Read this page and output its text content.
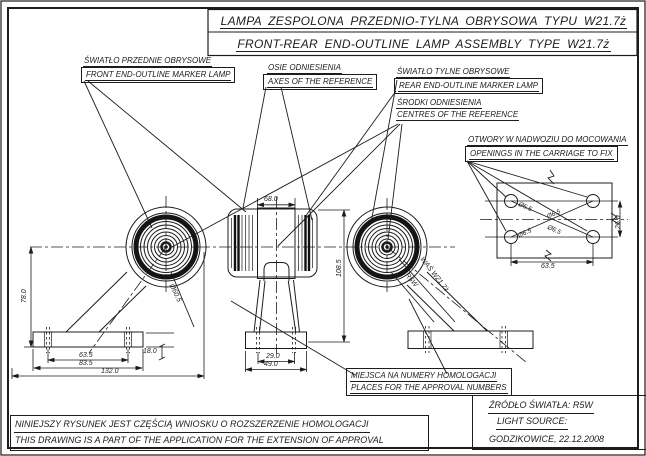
LAMPA ZESPOLONA PRZEDNIO-TYLNA OBRYSOWA TYPU W21.7ż
FRONT-REAR END-OUTLINE LAMP ASSEMBLY TYPE W21.7ż
ŚWIATŁO PRZEDNIE OBRYSOWE
FRONT END-OUTLINE MARKER LAMP
OSIE ODNIESIENIA
AXES OF THE REFERENCE
ŚWIATŁO TYLNE OBRYSOWE
REAR END-OUTLINE MARKER LAMP
ŚRODKI ODNIESIENIA
CENTRES OF THE REFERENCE
OTWORY W NADWOZIU DO MOCOWANIA
OPENINGS IN THE CARRIAGE TO FIX
MIEJSCA NA NUMERY HOMOLOGACJI
PLACES FOR THE APPROVAL NUMBERS
NINIEJSZY RYSUNEK JEST CZĘŚCIĄ WNIOSKU O ROZSZERZENIE HOMOLOGACJI
THIS DRAWING IS A PART OF THE APPLICATION FOR THE EXTENSION OF APPROVAL
ŹRÓDŁO ŚWIATŁA: R5W
LIGHT SOURCE:
GODZIKOWICE, 22.12.2008
78.0	Ø60.5
63.5
83.5
132.0
18.0
68.0
108.5
29.0
49.0
63.5
26.0
Ø6.5
Ø6.5
Ø6.5 Ø6.5
WAŚ W21.7ż
R5W
